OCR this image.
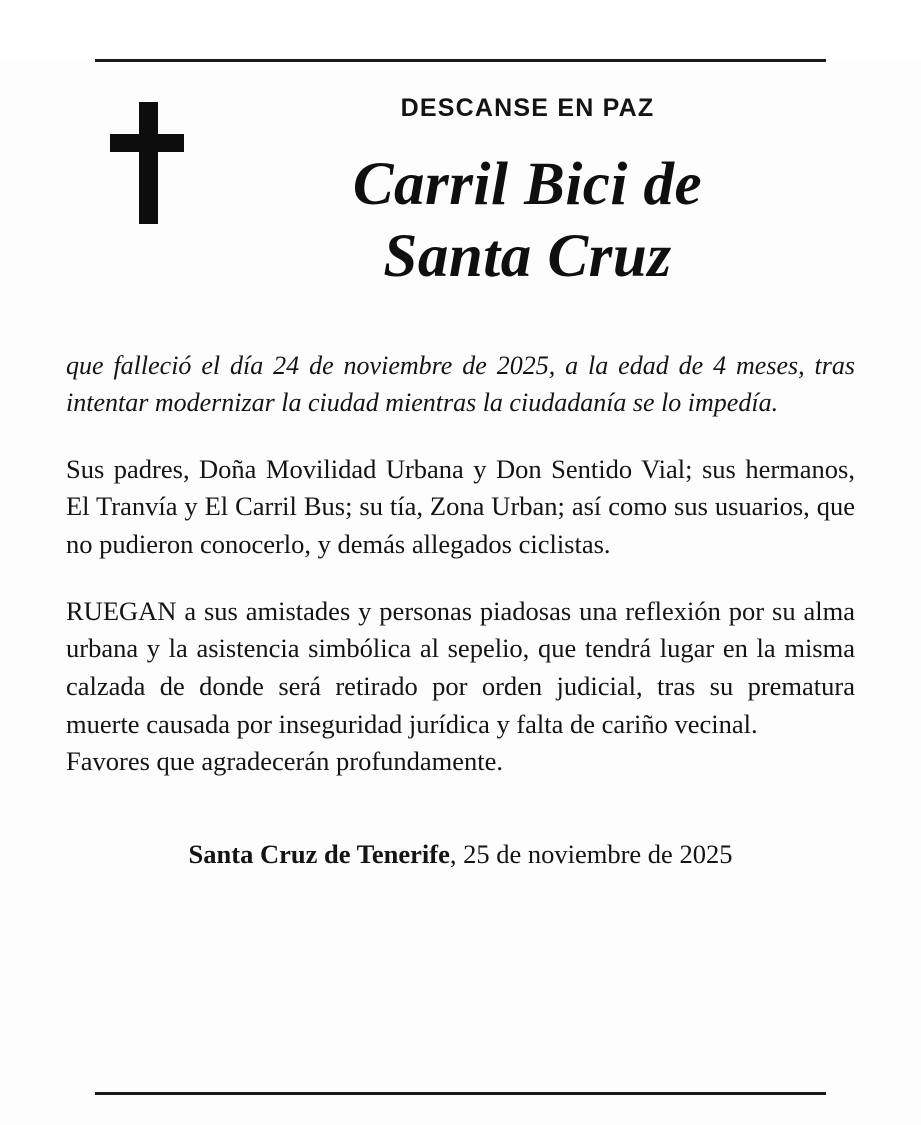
DESCANSE EN PAZ
Carril Bici de
Santa Cruz

que falleció el día 24 de noviembre de 2025, a la edad de 4 meses, tras intentar modernizar la ciudad mientras la ciudadanía se lo impedía.

Sus padres, Doña Movilidad Urbana y Don Sentido Vial; sus hermanos, El Tranvía y El Carril Bus; su tía, Zona Urban; así como sus usuarios, que no pudieron conocerlo, y demás allegados ciclistas.

RUEGAN a sus amistades y personas piadosas una reflexión por su alma urbana y la asistencia simbólica al sepelio, que tendrá lugar en la misma calzada de donde será retirado por orden judicial, tras su prematura muerte causada por inseguridad jurídica y falta de cariño vecinal.

Favores que agradecerán profundamente.

Santa Cruz de Tenerife, 25 de noviembre de 2025
